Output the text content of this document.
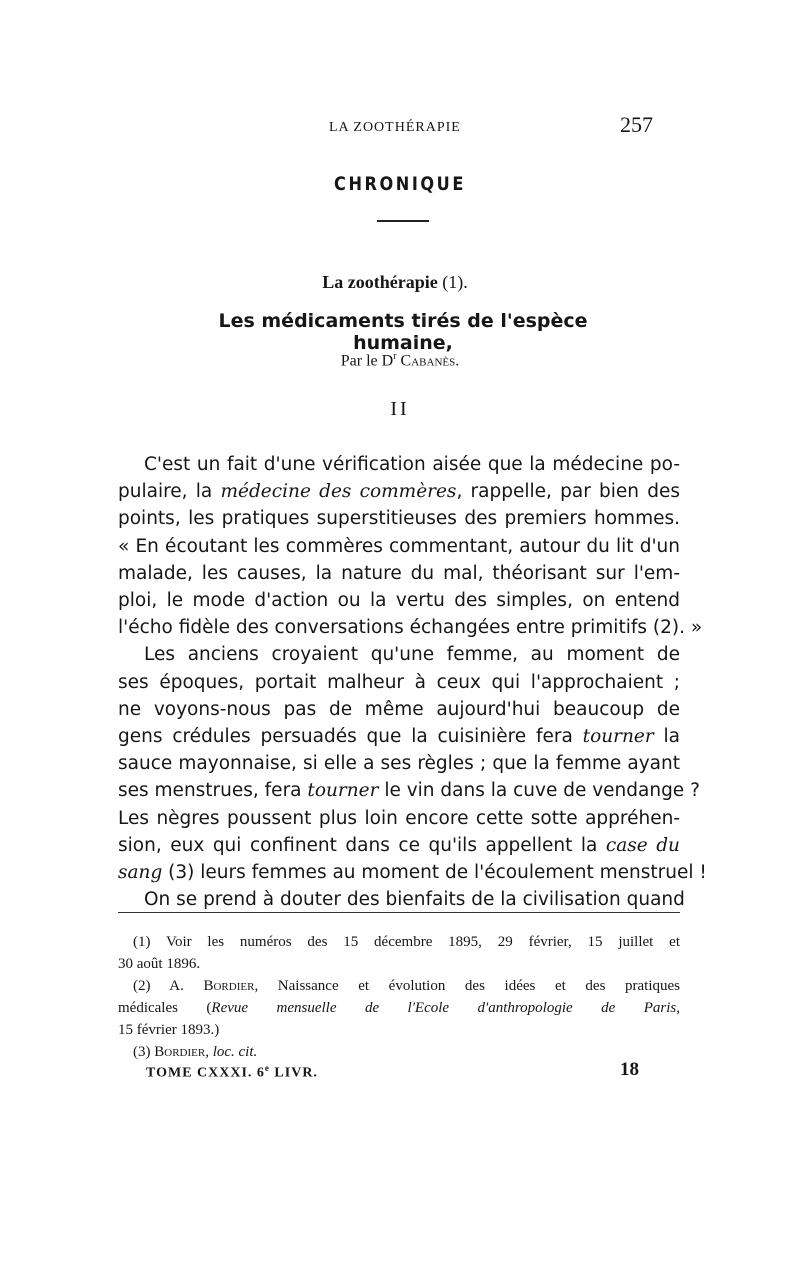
LA ZOOTHÉRAPIE	257
CHRONIQUE
La zoothérapie (1).
Les médicaments tirés de l'espèce humaine,
Par le $D^r$ Cabanès.
II
C'est un fait d'une vérification aisée que la médecine po-
pulaire, la médecine des commères, rappelle, par bien des
points, les pratiques superstitieuses des premiers hommes.
« En écoutant les commères commentant, autour du lit d'un
malade, les causes, la nature du mal, théorisant sur l'em-
ploi, le mode d'action ou la vertu des simples, on entend
l'écho fidèle des conversations échangées entre primitifs (2). »
Les anciens croyaient qu'une femme, au moment de
ses époques, portait malheur à ceux qui l'approchaient ;
ne voyons-nous pas de même aujourd'hui beaucoup de
gens crédules persuadés que la cuisinière fera tourner la
sauce mayonnaise, si elle a ses règles ; que la femme ayant
ses menstrues, fera tourner le vin dans la cuve de vendange ?
Les nègres poussent plus loin encore cette sotte appréhen-
sion, eux qui confinent dans ce qu'ils appellent la case du
sang (3) leurs femmes au moment de l'écoulement menstruel !
On se prend à douter des bienfaits de la civilisation quand
(1) Voir les numéros des 15 décembre 1895, 29 février, 15 juillet et
30 août 1896.
(2) A. Bordier, Naissance et évolution des idées et des pratiques
médicales (Revue mensuelle de l'Ecole d'anthropologie de Paris,
15 février 1893.)
(3) Bordier, loc. cit.
TOME CXXXI. 6e LIVR.	18
